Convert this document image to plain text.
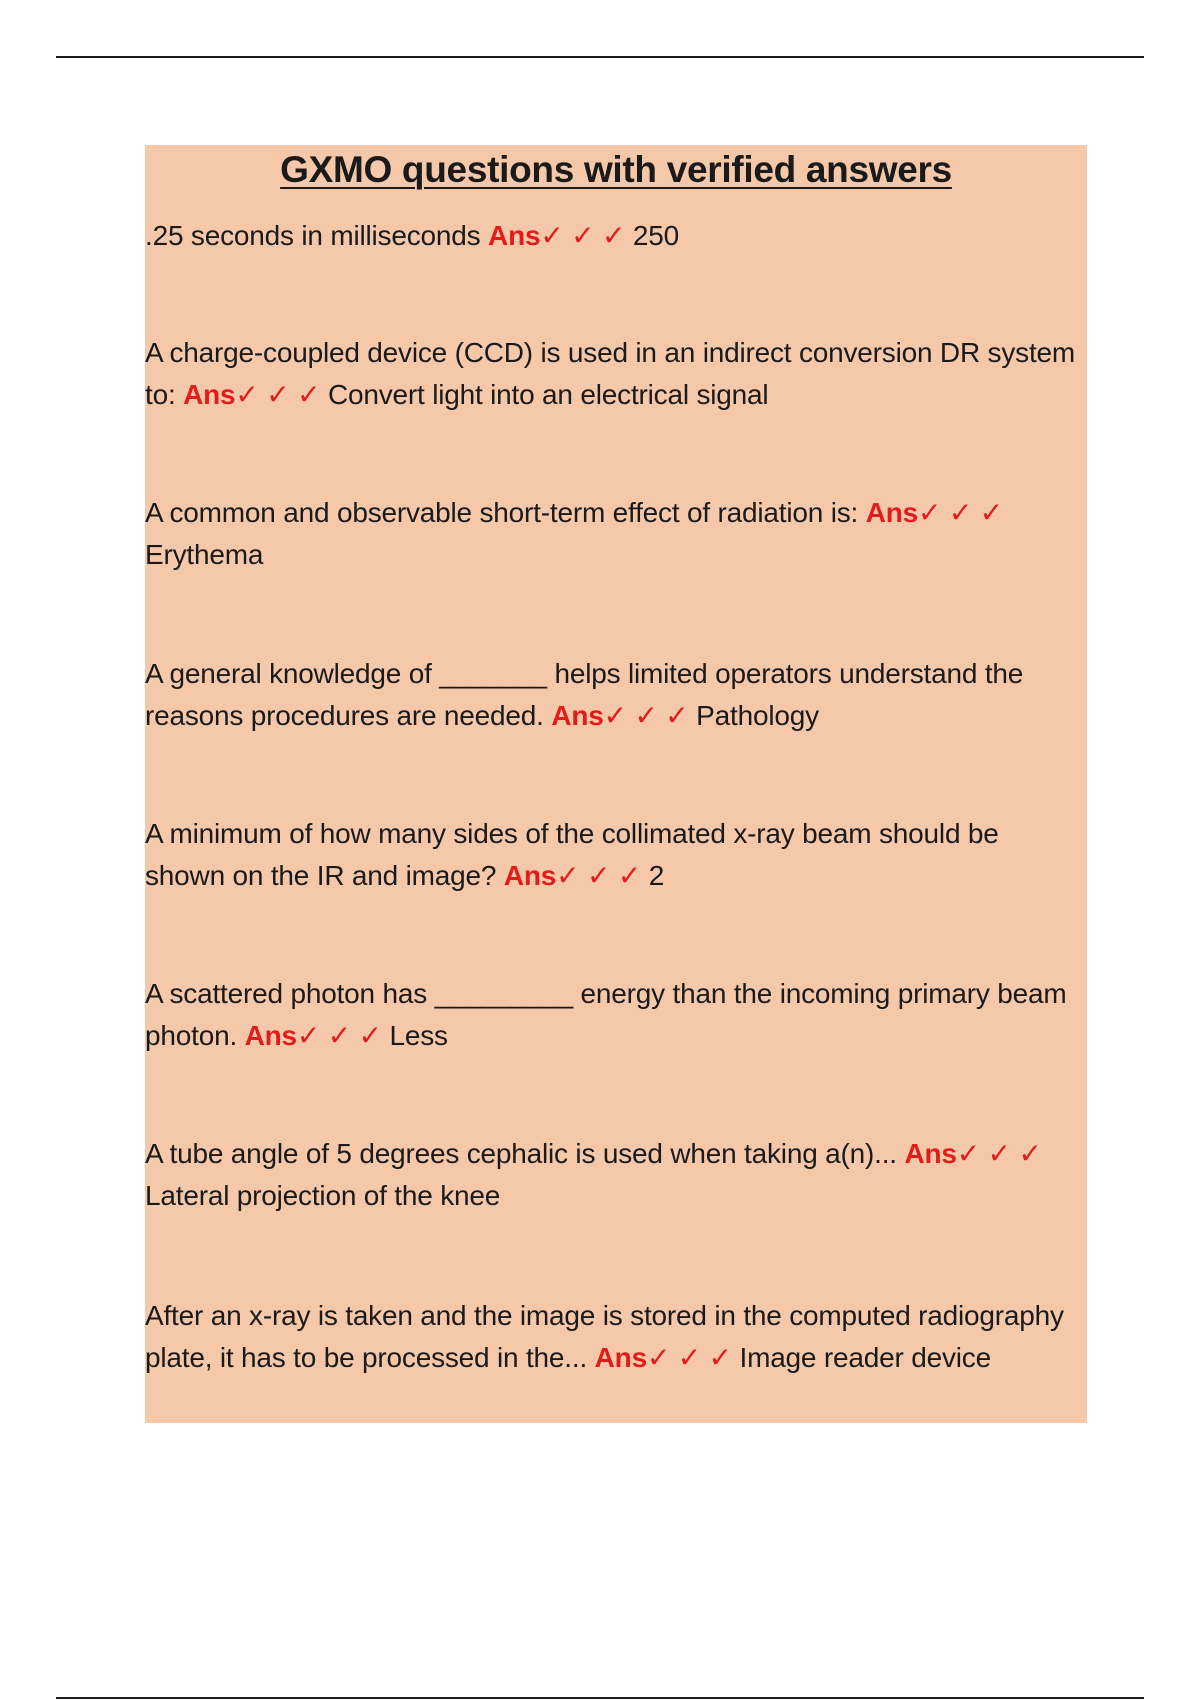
GXMO questions with verified answers

.25 seconds in milliseconds Ans✓ ✓ ✓ 250

A charge-coupled device (CCD) is used in an indirect conversion DR system to: Ans✓ ✓ ✓ Convert light into an electrical signal

A common and observable short-term effect of radiation is: Ans✓ ✓ ✓ Erythema

A general knowledge of _______ helps limited operators understand the reasons procedures are needed. Ans✓ ✓ ✓ Pathology

A minimum of how many sides of the collimated x-ray beam should be shown on the IR and image? Ans✓ ✓ ✓ 2

A scattered photon has _________ energy than the incoming primary beam photon. Ans✓ ✓ ✓ Less

A tube angle of 5 degrees cephalic is used when taking a(n)... Ans✓ ✓ ✓ Lateral projection of the knee

After an x-ray is taken and the image is stored in the computed radiography plate, it has to be processed in the... Ans✓ ✓ ✓ Image reader device
